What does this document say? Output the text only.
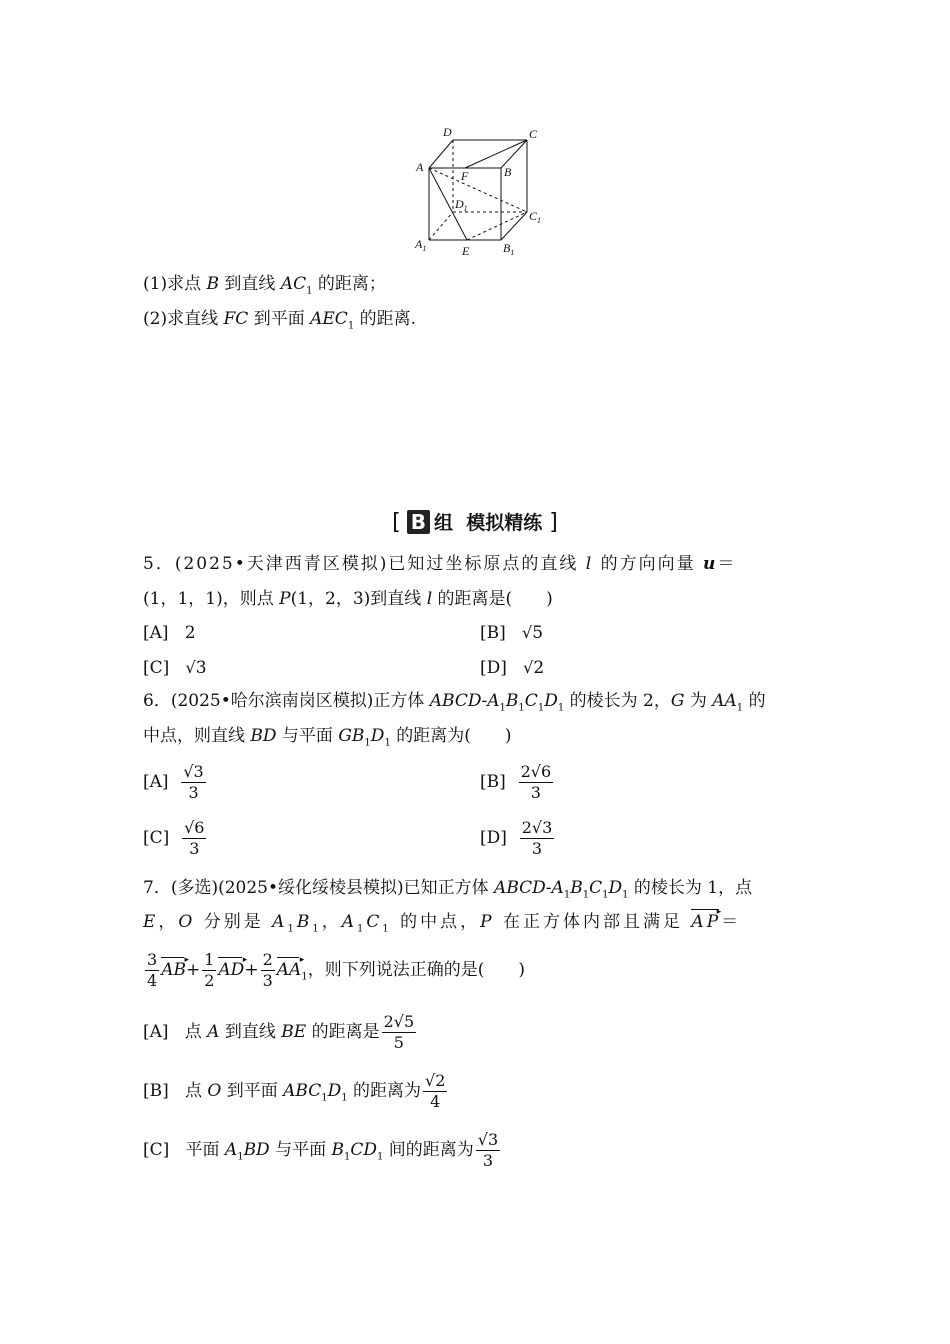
D	C
A
F	B
$D_1$
$C_1$
$A_1$	E	$B_1$
(1)求点 B 到直线 $AC_1$ 的距离；
(2)求直线 FC 到平面 $AEC_1$ 的距离.
[ B 组 模拟精练 ]
5．(2025•天津西青区模拟)已知过坐标原点的直线 l 的方向向量 u＝
(1，1，1)，则点 P(1，2，3)到直线 l 的距离是(　　)
[A] 2	[B] √5
[C] √3	[D] √2
6．(2025•哈尔滨南岗区模拟)正方体 ABCD-$A_1B_1C_1D_1$ 的棱长为 2，G 为 $AA_1$ 的
中点，则直线 BD 与平面 $GB_1D_1$ 的距离为(　　)
$[A] \frac{√3}{3}$	$[B] \frac{2√6}{3}$
$[C] \frac{√6}{3}$	$[D] \frac{2√3}{3}$
7．(多选)(2025•绥化绥棱县模拟)已知正方体 ABCD-$A_1B_1C_1D_1$ 的棱长为 1，点
E，O 分别是 $A_1B_1$，$A_1C_1$ 的中点，P 在正方体内部且满足 AP ▸＝
$\frac{3}{4}$ AB ▸+ $\frac{1}{2}$ AD ▸+ $\frac{2}{3}$ AA $▸_1$，则下列说法正确的是(　　)
[A]   点 A 到直线 BE 的距离是 $\frac{2√5}{5}$
[B]   点 O 到平面 $ABC_1D_1$ 的距离为 $\frac{√2}{4}$
[C]   平面 $A_1BD$ 与平面 $B_1CD_1$ 间的距离为 $\frac{√3}{3}$
